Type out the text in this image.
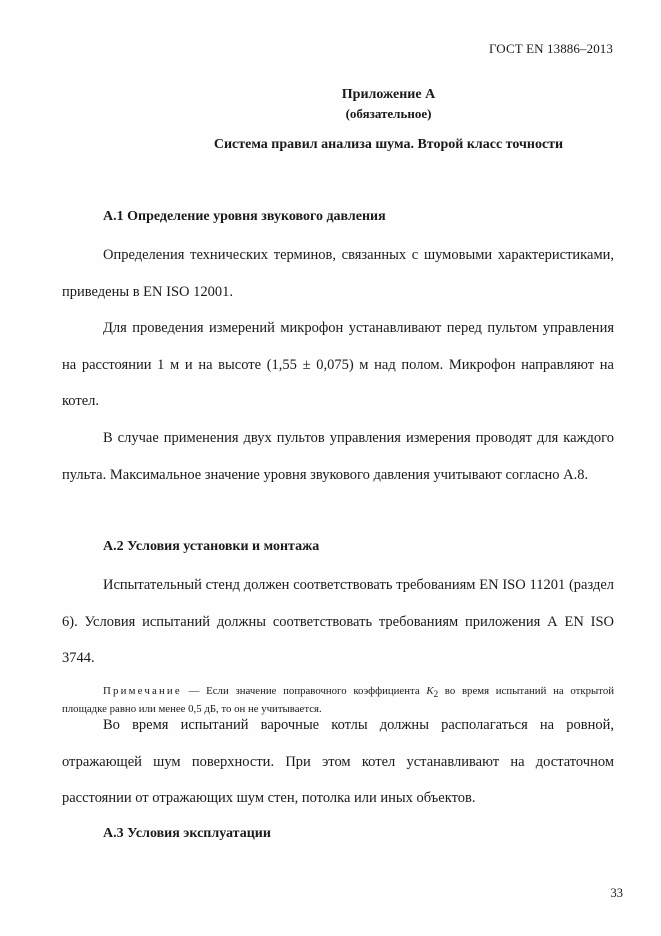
ГОСТ EN 13886–2013
Приложение А
(обязательное)
Система правил анализа шума. Второй класс точности
А.1 Определение уровня звукового давления
Определения технических терминов, связанных с шумовыми характеристиками, приведены в EN ISO 12001.
Для проведения измерений микрофон устанавливают перед пультом управления на расстоянии 1 м и на высоте (1,55 ± 0,075) м над полом. Микрофон направляют на котел.
В случае применения двух пультов управления измерения проводят для каждого пульта. Максимальное значение уровня звукового давления учитывают согласно А.8.
А.2 Условия установки и монтажа
Испытательный стенд должен соответствовать требованиям EN ISO 11201 (раздел 6). Условия испытаний должны соответствовать требованиям приложения А EN ISO 3744.
Примечание — Если значение поправочного коэффициента $K_2$ во время испытаний на открытой площадке равно или менее 0,5 дБ, то он не учитывается.
Во время испытаний варочные котлы должны располагаться на ровной, отражающей шум поверхности. При этом котел устанавливают на достаточном расстоянии от отражающих шум стен, потолка или иных объектов.
А.3 Условия эксплуатации
33
